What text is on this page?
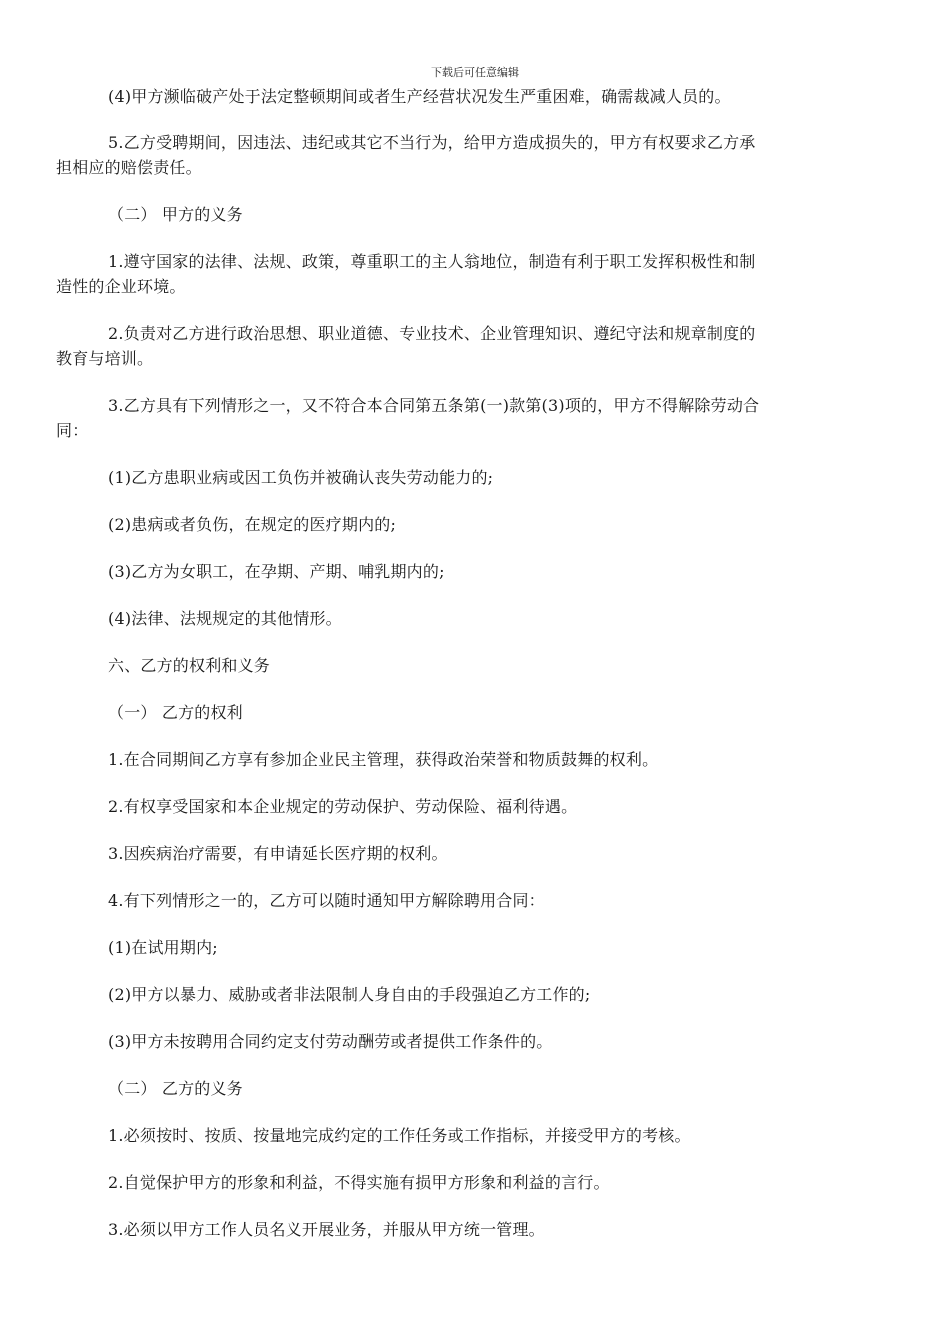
下载后可任意编辑

(4)甲方濒临破产处于法定整顿期间或者生产经营状况发生严重困难，确需裁减人员的。

5.乙方受聘期间，因违法、违纪或其它不当行为，给甲方造成损失的，甲方有权要求乙方承

担相应的赔偿责任。

（二） 甲方的义务

1.遵守国家的法律、法规、政策，尊重职工的主人翁地位，制造有利于职工发挥积极性和制

造性的企业环境。

2.负责对乙方进行政治思想、职业道德、专业技术、企业管理知识、遵纪守法和规章制度的

教育与培训。

3.乙方具有下列情形之一，又不符合本合同第五条第(一)款第(3)项的，甲方不得解除劳动合

同：

(1)乙方患职业病或因工负伤并被确认丧失劳动能力的;

(2)患病或者负伤，在规定的医疗期内的;

(3)乙方为女职工，在孕期、产期、哺乳期内的;

(4)法律、法规规定的其他情形。

六、乙方的权利和义务

（一） 乙方的权利

1.在合同期间乙方享有参加企业民主管理，获得政治荣誉和物质鼓舞的权利。

2.有权享受国家和本企业规定的劳动保护、劳动保险、福利待遇。

3.因疾病治疗需要，有申请延长医疗期的权利。

4.有下列情形之一的，乙方可以随时通知甲方解除聘用合同：

(1)在试用期内;

(2)甲方以暴力、威胁或者非法限制人身自由的手段强迫乙方工作的;

(3)甲方未按聘用合同约定支付劳动酬劳或者提供工作条件的。

（二） 乙方的义务

1.必须按时、按质、按量地完成约定的工作任务或工作指标，并接受甲方的考核。

2.自觉保护甲方的形象和利益，不得实施有损甲方形象和利益的言行。

3.必须以甲方工作人员名义开展业务，并服从甲方统一管理。
